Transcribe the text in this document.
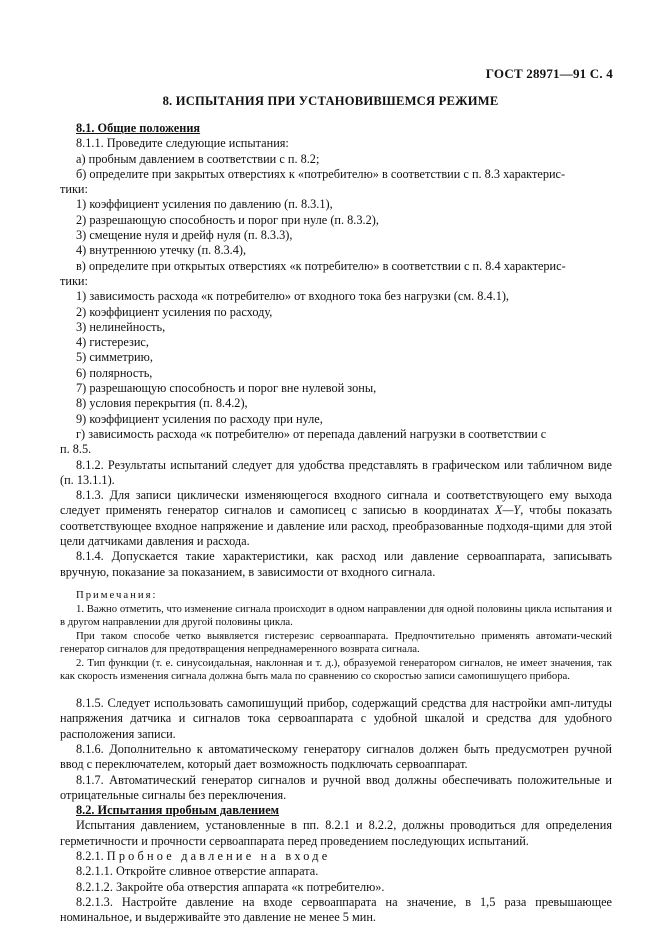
ГОСТ 28971—91 С. 4
8. ИСПЫТАНИЯ ПРИ УСТАНОВИВШЕМСЯ РЕЖИМЕ

8.1. Общие положения

8.1.1. Проведите следующие испытания:

а) пробным давлением в соответствии с п. 8.2;

б) определите при закрытых отверстиях к «потребителю» в соответствии с п. 8.3 характерис-

тики:

1) коэффициент усиления по давлению (п. 8.3.1),

2) разрешающую способность и порог при нуле (п. 8.3.2),

3) смещение нуля и дрейф нуля (п. 8.3.3),

4) внутреннюю утечку (п. 8.3.4),

в) определите при открытых отверстиях «к потребителю» в соответствии с п. 8.4 характерис-

тики:

1) зависимость расхода «к потребителю» от входного тока без нагрузки (см. 8.4.1),

2) коэффициент усиления по расходу,

3) нелинейность,

4) гистерезис,

5) симметрию,

6) полярность,

7) разрешающую способность и порог вне нулевой зоны,

8) условия перекрытия (п. 8.4.2),

9) коэффициент усиления по расходу при нуле,

г) зависимость расхода «к потребителю» от перепада давлений нагрузки в соответствии с

п. 8.5.

8.1.2. Результаты испытаний следует для удобства представлять в графическом или табличном виде (п. 13.1.1).

8.1.3. Для записи циклически изменяющегося входного сигнала и соответствующего ему выхода следует применять генератор сигналов и самописец с записью в координатах X—Y, чтобы показать соответствующее входное напряжение и давление или расход, преобразованные подходя-щими для этой цели датчиками давления и расхода.

8.1.4. Допускается такие характеристики, как расход или давление сервоаппарата, записывать вручную, показание за показанием, в зависимости от входного сигнала.

Примечания:

1. Важно отметить, что изменение сигнала происходит в одном направлении для одной половины цикла испытания и в другом направлении для другой половины цикла.

При таком способе четко выявляется гистерезис сервоаппарата. Предпочтительно применять автомати-ческий генератор сигналов для предотвращения непреднамеренного возврата сигнала.

2. Тип функции (т. е. синусоидальная, наклонная и т. д.), образуемой генератором сигналов, не имеет значения, так как скорость изменения сигнала должна быть мала по сравнению со скоростью записи самопишущего прибора.

8.1.5. Следует использовать самопишущий прибор, содержащий средства для настройки амп-литуды напряжения датчика и сигналов тока сервоаппарата с удобной шкалой и средства для удобного расположения записи.

8.1.6. Дополнительно к автоматическому генератору сигналов должен быть предусмотрен ручной ввод с переключателем, который дает возможность подключать сервоаппарат.

8.1.7. Автоматический генератор сигналов и ручной ввод должны обеспечивать положительные и отрицательные сигналы без переключения.

8.2. Испытания пробным давлением

Испытания давлением, установленные в пп. 8.2.1 и 8.2.2, должны проводиться для определения герметичности и прочности сервоаппарата перед проведением последующих испытаний.

8.2.1. Пробное давление на входе

8.2.1.1. Откройте сливное отверстие аппарата.

8.2.1.2. Закройте оба отверстия аппарата «к потребителю».

8.2.1.3. Настройте давление на входе сервоаппарата на значение, в 1,5 раза превышающее номинальное, и выдерживайте это давление не менее 5 мин.
